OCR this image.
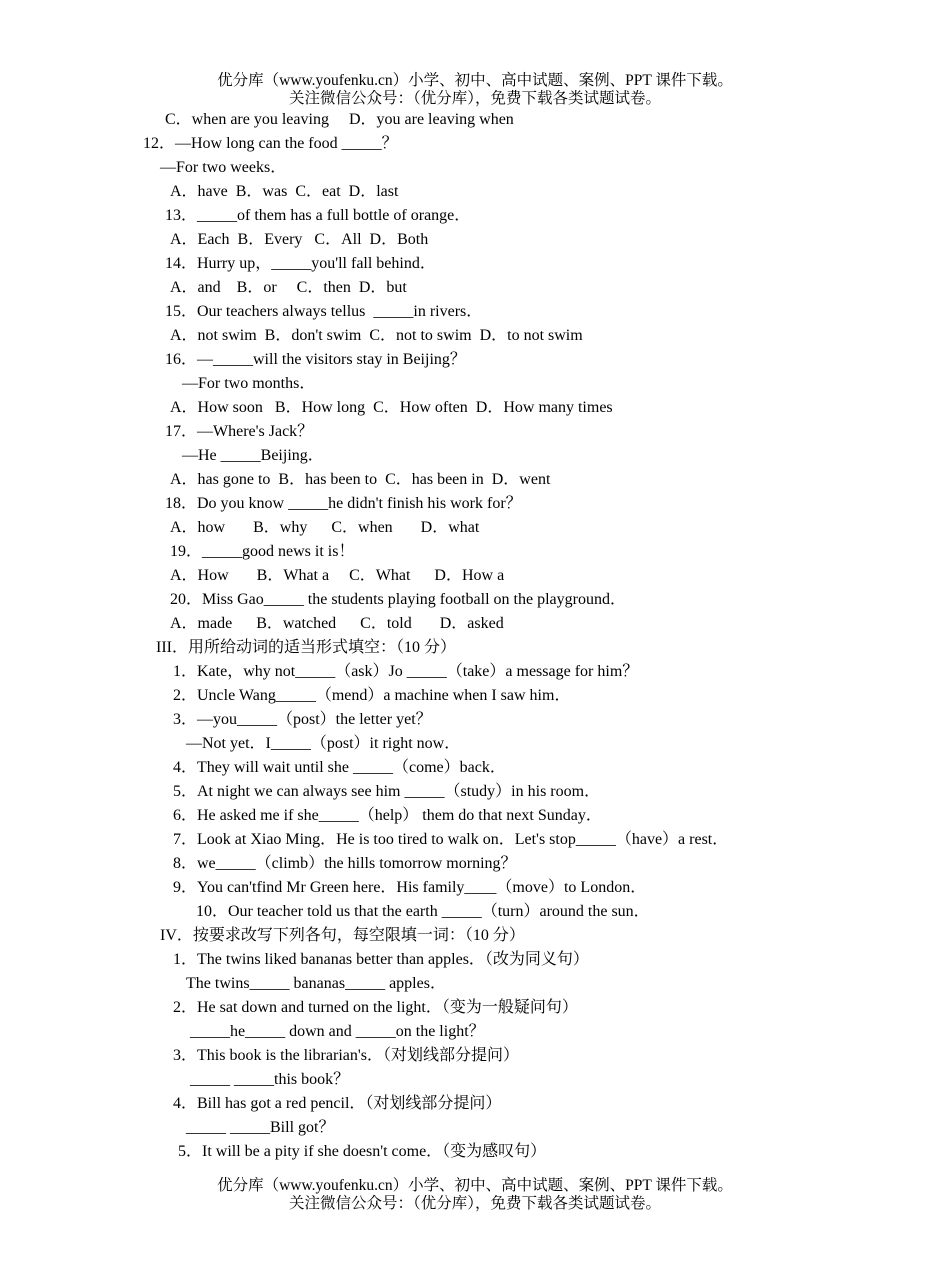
优分库（www.youfenku.cn）小学、初中、高中试题、案例、PPT 课件下载。
关注微信公众号：（优分库），免费下载各类试题试卷。
C．when are you leaving     D．you are leaving when
12．—How long can the food _____？
—For two weeks．
A．have  B．was  C．eat  D．last
13．_____of them has a full bottle of orange．
A．Each  B．Every   C．All  D．Both
14．Hurry up，_____you'll fall behind．
A．and    B．or     C．then  D．but
15．Our teachers always tellus  _____in rivers．
A．not swim  B．don't swim  C．not to swim  D．to not swim
16．—_____will the visitors stay in Beijing？
—For two months．
A．How soon   B．How long  C．How often  D．How many times
17．—Where's Jack？
—He _____Beijing．
A．has gone to  B．has been to  C．has been in  D．went
18．Do you know _____he didn't finish his work for？
A．how       B．why      C．when       D．what
19．_____good news it is！
A．How       B．What a     C．What      D．How a
20．Miss Gao_____ the students playing football on the playground．
A．made      B．watched      C．told       D．asked
III．用所给动词的适当形式填空：（10 分）
1．Kate，why not_____（ask）Jo _____（take）a message for him？
2．Uncle Wang_____（mend）a machine when I saw him．
3．—you_____（post）the letter yet？
—Not yet．I_____（post）it right now．
4．They will wait until she _____（come）back．
5．At night we can always see him _____（study）in his room．
6．He asked me if she_____（help） them do that next Sunday．
7．Look at Xiao Ming．He is too tired to walk on．Let's stop_____（have）a rest．
8．we_____（climb）the hills tomorrow morning？
9．You can'tfind Mr Green here．His family____（move）to London．
10．Our teacher told us that the earth _____（turn）around the sun．
IV．按要求改写下列各句，每空限填一词：（10 分）
1．The twins liked bananas better than apples．（改为同义句）
The twins_____ bananas_____ apples．
2．He sat down and turned on the light．（变为一般疑问句）
_____he_____ down and _____on the light？
3．This book is the librarian's．（对划线部分提问）
_____ _____this book？
4．Bill has got a red pencil．（对划线部分提问）
_____ _____Bill got？
5．It will be a pity if she doesn't come．（变为感叹句）
优分库（www.youfenku.cn）小学、初中、高中试题、案例、PPT 课件下载。
关注微信公众号：（优分库），免费下载各类试题试卷。
